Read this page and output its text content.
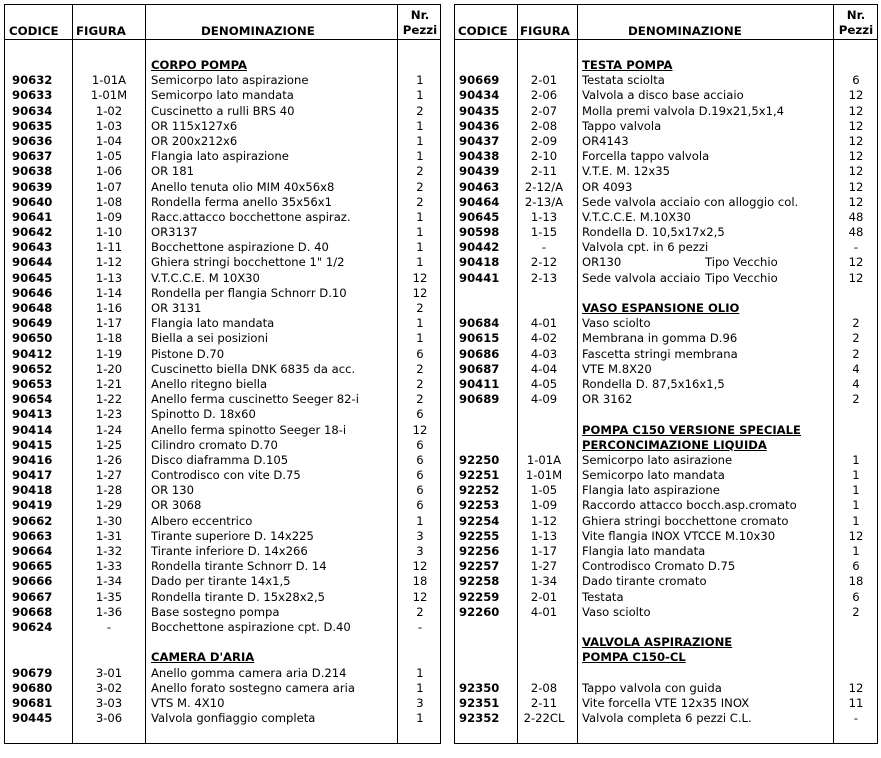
CODICE FIGURA	DENOMINAZIONE
Nr.
Pezzi
CORPO POMPA
90632	1-01A	Semicorpo lato aspirazione	1
90633	1-01M	Semicorpo lato mandata	1
90634	1-02	Cuscinetto a rulli BRS 40	2
90635	1-03	OR 115x127x6	1
90636	1-04	OR 200x212x6	1
90637	1-05	Flangia lato aspirazione	1
90638	1-06	OR 181	2
90639	1-07	Anello tenuta olio MIM 40x56x8	2
90640	1-08	Rondella ferma anello 35x56x1	2
90641	1-09	Racc.attacco bocchettone aspiraz.	1
90642	1-10	OR3137	1
90643	1-11	Bocchettone aspirazione D. 40	1
90644	1-12	Ghiera stringi bocchettone 1" 1/2	1
90645	1-13	V.T.C.C.E. M 10X30	12
90646	1-14	Rondella per flangia Schnorr D.10	12
90648	1-16	OR 3131	2
90649	1-17	Flangia lato mandata	1
90650	1-18	Biella a sei posizioni	1
90412	1-19	Pistone D.70	6
90652	1-20	Cuscinetto biella DNK 6835 da acc.	2
90653	1-21	Anello ritegno biella	2
90654	1-22	Anello ferma cuscinetto Seeger 82-i	2
90413	1-23	Spinotto D. 18x60	6
90414	1-24	Anello ferma spinotto Seeger 18-i	12
90415	1-25	Cilindro cromato D.70	6
90416	1-26	Disco diaframma D.105	6
90417	1-27	Controdisco con vite D.75	6
90418	1-28	OR 130	6
90419	1-29	OR 3068	6
90662	1-30	Albero eccentrico	1
90663	1-31	Tirante superiore D. 14x225	3
90664	1-32	Tirante inferiore D. 14x266	3
90665	1-33	Rondella tirante Schnorr D. 14	12
90666	1-34	Dado per tirante 14x1,5	18
90667	1-35	Rondella tirante D. 15x28x2,5	12
90668	1-36	Base sostegno pompa	2
90624	-	Bocchettone aspirazione cpt. D.40	-
CAMERA D'ARIA
90679	3-01	Anello gomma camera aria D.214	1
90680	3-02	Anello forato sostegno camera aria	1
90681	3-03	VTS M. 4X10	3
90445	3-06	Valvola gonfiaggio completa	1
CODICE FIGURA	DENOMINAZIONE
Nr.
Pezzi
TESTA POMPA
90669	2-01	Testata sciolta	6
90434	2-06	Valvola a disco base acciaio	12
90435	2-07	Molla premi valvola D.19x21,5x1,4	12
90436	2-08	Tappo valvola	12
90437	2-09	OR4143	12
90438	2-10	Forcella tappo valvola	12
90439	2-11	V.T.E. M. 12x35	12
90463	2-12/A	OR 4093	12
90464	2-13/A	Sede valvola acciaio con alloggio col.	12
90645	1-13	V.T.C.C.E. M.10X30	48
90598	1-15	Rondella D. 10,5x17x2,5	48
90442	-	Valvola cpt. in 6 pezzi	-
90418	2-12	OR130	Tipo Vecchio	12
90441	2-13	Sede valvola acciaio Tipo Vecchio	12
VASO ESPANSIONE OLIO
90684	4-01	Vaso sciolto	2
90615	4-02	Membrana in gomma D.96	2
90686	4-03	Fascetta stringi membrana	2
90687	4-04	VTE M.8X20	4
90411	4-05	Rondella D. 87,5x16x1,5	4
90689	4-09	OR 3162	2
POMPA C150 VERSIONE SPECIALE
PERCONCIMAZIONE LIQUIDA
92250	1-01A	Semicorpo lato asirazione	1
92251	1-01M	Semicorpo lato mandata	1
92252	1-05	Flangia lato aspirazione	1
92253	1-09	Raccordo attacco bocch.asp.cromato	1
92254	1-12	Ghiera stringi bocchettone cromato	1
92255	1-13	Vite flangia INOX VTCCE M.10x30	12
92256	1-17	Flangia lato mandata	1
92257	1-27	Controdisco Cromato D.75	6
92258	1-34	Dado tirante cromato	18
92259	2-01	Testata	6
92260	4-01	Vaso sciolto	2
VALVOLA ASPIRAZIONE
POMPA C150-CL
92350	2-08	Tappo valvola con guida	12
92351	2-11	Vite forcella VTE 12x35 INOX	11
92352	2-22CL	Valvola completa 6 pezzi C.L.	-
